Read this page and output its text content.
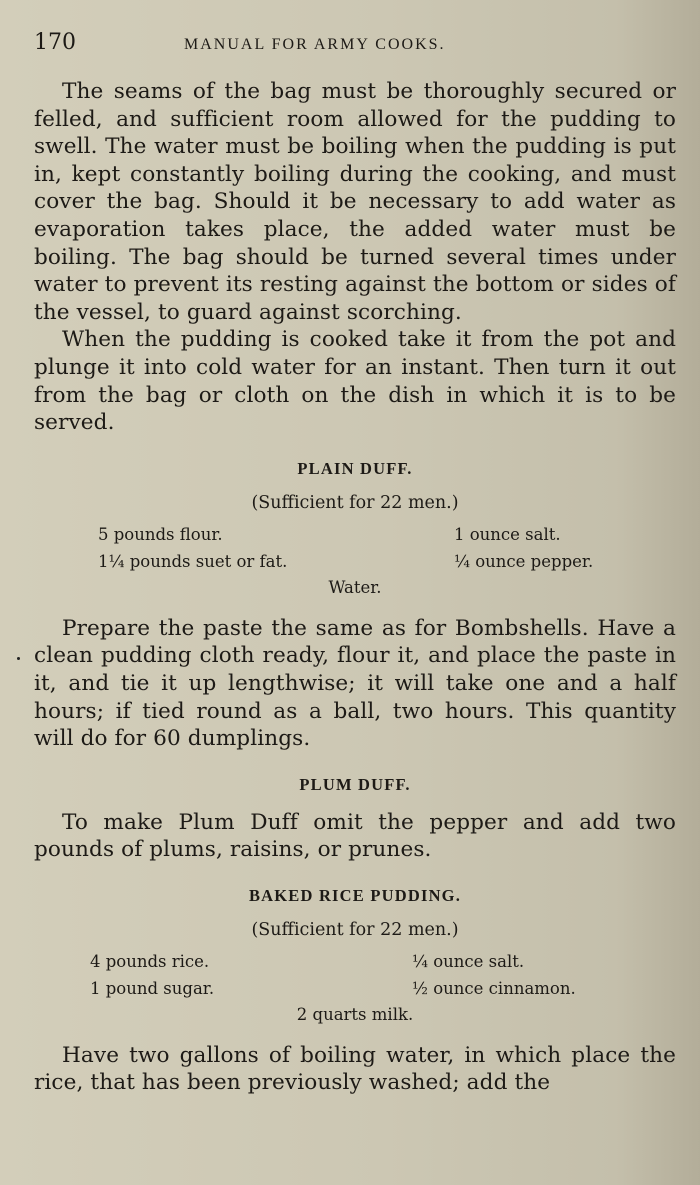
170	MANUAL FOR ARMY COOKS.

The seams of the bag must be thoroughly secured or felled, and sufficient room allowed for the pudding to swell. The water must be boiling when the pudding is put in, kept constantly boiling during the cooking, and must cover the bag. Should it be necessary to add water as evaporation takes place, the added water must be boiling. The bag should be turned several times under water to prevent its resting against the bottom or sides of the vessel, to guard against scorching.

When the pudding is cooked take it from the pot and plunge it into cold water for an instant. Then turn it out from the bag or cloth on the dish in which it is to be served.

PLAIN DUFF.
(Sufficient for 22 men.)
5 pounds flour.	1 ounce salt.
1¼ pounds suet or fat.	¼ ounce pepper.
Water.

Prepare the paste the same as for Bombshells. Have a clean pudding cloth ready, flour it, and place the paste in it, and tie it up lengthwise; it will take one and a half hours; if tied round as a ball, two hours. This quantity will do for 60 dumplings.

PLUM DUFF.

To make Plum Duff omit the pepper and add two pounds of plums, raisins, or prunes.

BAKED RICE PUDDING.
(Sufficient for 22 men.)
4 pounds rice.	¼ ounce salt.
1 pound sugar.	½ ounce cinnamon.
2 quarts milk.

Have two gallons of boiling water, in which place the rice, that has been previously washed; add the
